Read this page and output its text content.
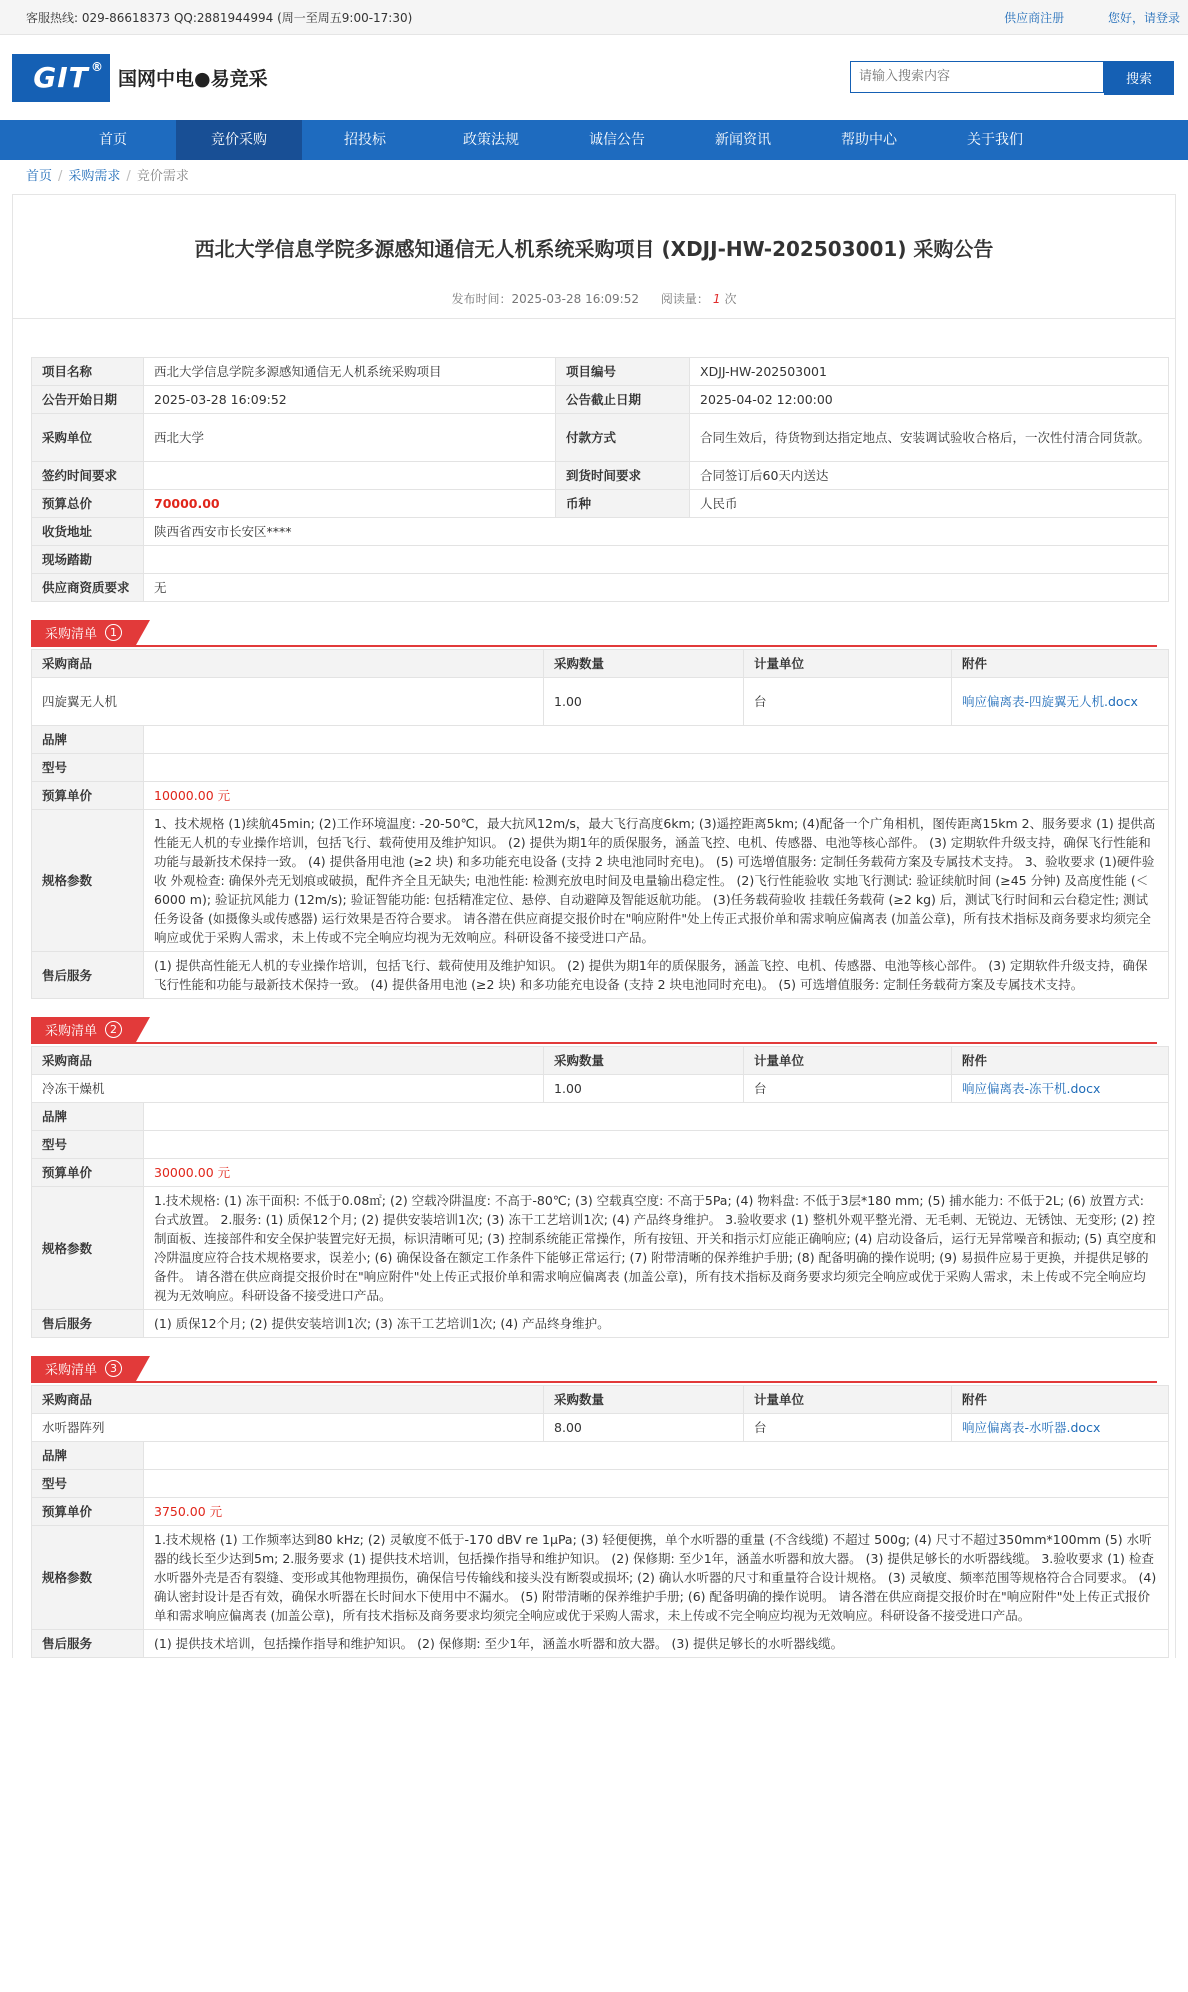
客服热线: 029-86618373 QQ:2881944994 (周一至周五9:00-17:30)	供应商注册	您好，请登录
GIT®
国网中电●易竞采
请输入搜索内容	搜索
首页	竞价采购	招投标	政策法规	诚信公告	新闻资讯	帮助中心	关于我们
首页 / 采购需求 / 竞价需求
西北大学信息学院多源感知通信无人机系统采购项目 (XDJJ-HW-202503001) 采购公告
发布时间：2025-03-28 16:09:52 阅读量： 1 次
项目名称	西北大学信息学院多源感知通信无人机系统采购项目	项目编号	XDJJ-HW-202503001
公告开始日期	2025-03-28 16:09:52	公告截止日期	2025-04-02 12:00:00
采购单位	西北大学	付款方式	合同生效后，待货物到达指定地点、安装调试验收合格后，一次性付清合同货款。
签约时间要求		到货时间要求	合同签订后60天内送达
预算总价	70000.00	币种	人民币
收货地址	陕西省西安市长安区****		
现场踏勘			
供应商资质要求	无		
采购清单	1
采购商品		采购数量	计量单位	附件
四旋翼无人机		1.00	台	响应偏离表-四旋翼无人机.docx
品牌				
型号				
预算单价	10000.00 元			
规格参数	1、技术规格 (1)续航45min; (2)工作环境温度: -20-50℃，最大抗风12m/s，最大飞行高度6km; (3)遥控距离5km; (4)配备一个广角相机，图传距离15km 2、服务要求 (1) 提供高性能无人机的专业操作培训，包括飞行、载荷使用及维护知识。 (2) 提供为期1年的质保服务，涵盖飞控、电机、传感器、电池等核心部件。 (3) 定期软件升级支持，确保飞行性能和功能与最新技术保持一致。 (4) 提供备用电池 (≥2 块) 和多功能充电设备 (支持 2 块电池同时充电)。 (5) 可选增值服务: 定制任务载荷方案及专属技术支持。 3、验收要求 (1)硬件验收 外观检查: 确保外壳无划痕或破损，配件齐全且无缺失; 电池性能: 检测充放电时间及电量输出稳定性。 (2)飞行性能验收 实地飞行测试: 验证续航时间 (≥45 分钟) 及高度性能 (＜6000 m); 验证抗风能力 (12m/s); 验证智能功能: 包括精准定位、悬停、自动避障及智能返航功能。 (3)任务载荷验收 挂载任务载荷 (≥2 kg) 后，测试飞行时间和云台稳定性; 测试任务设备 (如摄像头或传感器) 运行效果是否符合要求。 请各潜在供应商提交报价时在"响应附件"处上传正式报价单和需求响应偏离表 (加盖公章)，所有技术指标及商务要求均须完全响应或优于采购人需求，未上传或不完全响应均视为无效响应。科研设备不接受进口产品。			
售后服务	(1) 提供高性能无人机的专业操作培训，包括飞行、载荷使用及维护知识。 (2) 提供为期1年的质保服务，涵盖飞控、电机、传感器、电池等核心部件。 (3) 定期软件升级支持，确保飞行性能和功能与最新技术保持一致。 (4) 提供备用电池 (≥2 块) 和多功能充电设备 (支持 2 块电池同时充电)。 (5) 可选增值服务: 定制任务载荷方案及专属技术支持。			
采购清单	2
采购商品		采购数量	计量单位	附件
冷冻干燥机		1.00	台	响应偏离表-冻干机.docx
品牌				
型号				
预算单价	30000.00 元			
规格参数	1.技术规格: (1) 冻干面积: 不低于0.08㎡; (2) 空载冷阱温度: 不高于-80℃; (3) 空载真空度: 不高于5Pa; (4) 物料盘: 不低于3层*180 mm; (5) 捕水能力: 不低于2L; (6) 放置方式: 台式放置。 2.服务: (1) 质保12个月; (2) 提供安装培训1次; (3) 冻干工艺培训1次; (4) 产品终身维护。 3.验收要求 (1) 整机外观平整光滑、无毛刺、无锐边、无锈蚀、无变形; (2) 控制面板、连接部件和安全保护装置完好无损，标识清晰可见; (3) 控制系统能正常操作，所有按钮、开关和指示灯应能正确响应; (4) 启动设备后，运行无异常噪音和振动; (5) 真空度和冷阱温度应符合技术规格要求，误差小; (6) 确保设备在额定工作条件下能够正常运行; (7) 附带清晰的保养维护手册; (8) 配备明确的操作说明; (9) 易损件应易于更换，并提供足够的备件。 请各潜在供应商提交报价时在"响应附件"处上传正式报价单和需求响应偏离表 (加盖公章)，所有技术指标及商务要求均须完全响应或优于采购人需求，未上传或不完全响应均视为无效响应。科研设备不接受进口产品。			
售后服务	(1) 质保12个月; (2) 提供安装培训1次; (3) 冻干工艺培训1次; (4) 产品终身维护。			
采购清单	3
采购商品		采购数量	计量单位	附件
水听器阵列		8.00	台	响应偏离表-水听器.docx
品牌				
型号				
预算单价	3750.00 元			
规格参数	1.技术规格 (1) 工作频率达到80 kHz; (2) 灵敏度不低于-170 dBV re 1μPa; (3) 轻便便携，单个水听器的重量 (不含线缆) 不超过 500g; (4) 尺寸不超过350mm*100mm (5) 水听器的线长至少达到5m; 2.服务要求 (1) 提供技术培训，包括操作指导和维护知识。 (2) 保修期: 至少1年，涵盖水听器和放大器。 (3) 提供足够长的水听器线缆。 3.验收要求 (1) 检查水听器外壳是否有裂缝、变形或其他物理损伤，确保信号传输线和接头没有断裂或损坏; (2) 确认水听器的尺寸和重量符合设计规格。 (3) 灵敏度、频率范围等规格符合合同要求。 (4) 确认密封设计是否有效，确保水听器在长时间水下使用中不漏水。 (5) 附带清晰的保养维护手册; (6) 配备明确的操作说明。 请各潜在供应商提交报价时在"响应附件"处上传正式报价单和需求响应偏离表 (加盖公章)，所有技术指标及商务要求均须完全响应或优于采购人需求，未上传或不完全响应均视为无效响应。科研设备不接受进口产品。			
售后服务	(1) 提供技术培训，包括操作指导和维护知识。 (2) 保修期: 至少1年，涵盖水听器和放大器。 (3) 提供足够长的水听器线缆。			
